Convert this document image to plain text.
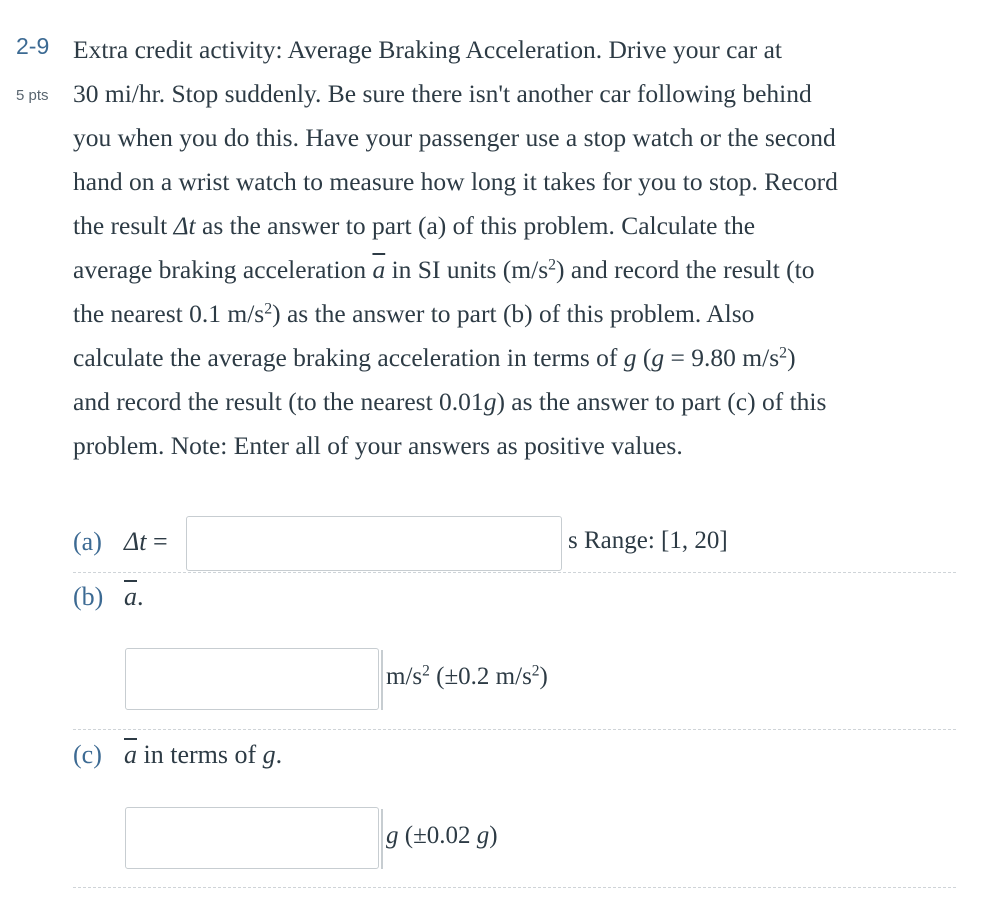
2-9
5 pts

Extra credit activity: Average Braking Acceleration. Drive your car at

30 mi/hr. Stop suddenly. Be sure there isn't another car following behind

you when you do this. Have your passenger use a stop watch or the second

hand on a wrist watch to measure how long it takes for you to stop. Record

the result Δt as the answer to part (a) of this problem. Calculate the

average braking acceleration $\overline{a}$ in SI units $(m/s^2)$ and record the result (to

the nearest 0.1 $m/s^2$) as the answer to part (b) of this problem. Also

calculate the average braking acceleration in terms of g (g = 9.80 $m/s^2$)

and record the result (to the nearest 0.01g) as the answer to part (c) of this

problem. Note: Enter all of your answers as positive values.

(a) Δt =	s Range: [1, 20]
(b) $\overline{a}$.
$m/s^2$ (±0.2 $m/s^2$)
(c) $\overline{a}$ in terms of g.
g (±0.02 g)
